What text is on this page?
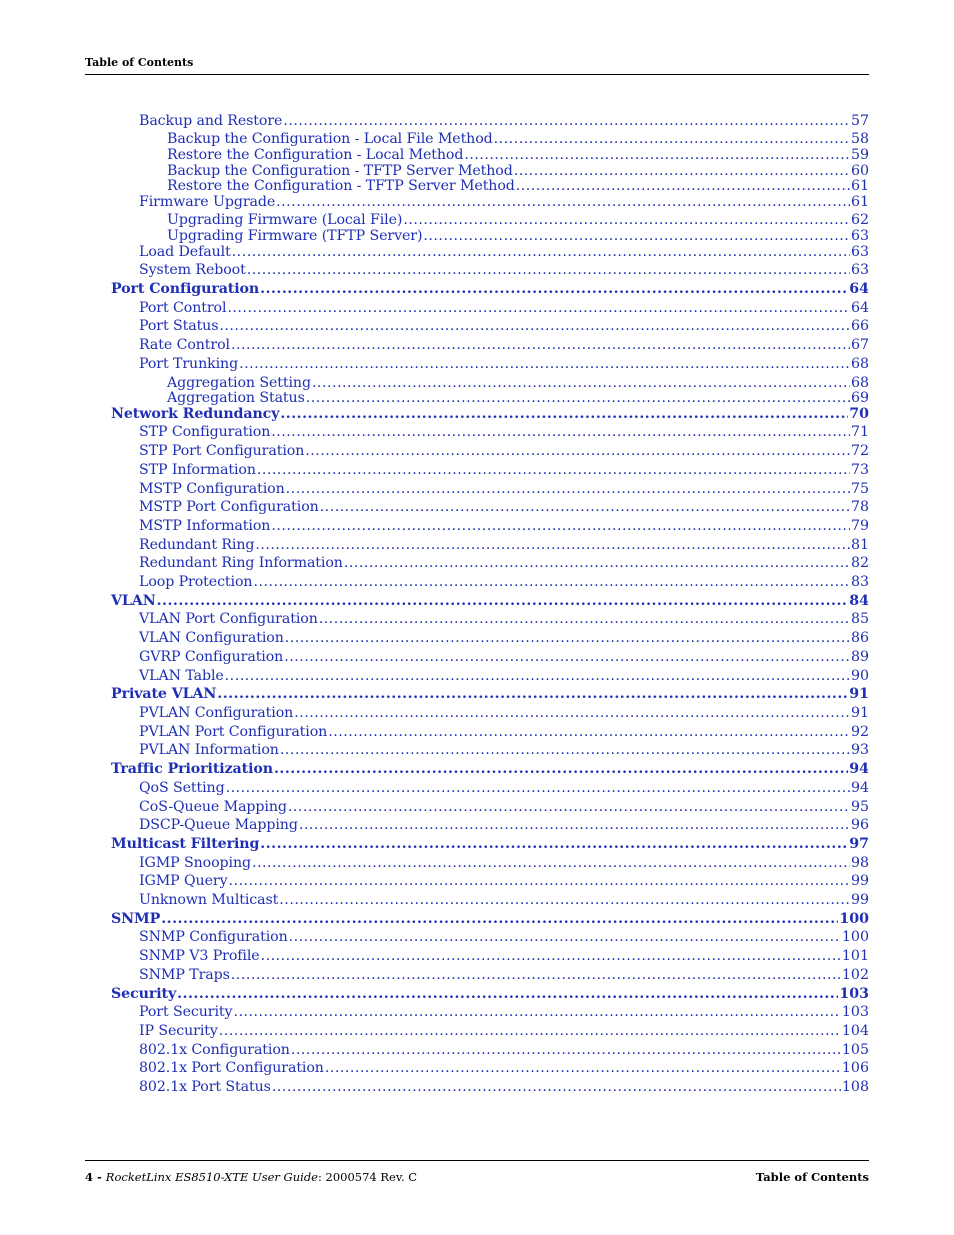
Table of Contents
Backup and Restore .....	57
Backup the Configuration - Local File Method .....	58
Restore the Configuration - Local Method .....	59
Backup the Configuration - TFTP Server Method .....	60
Restore the Configuration - TFTP Server Method .....	61
Firmware Upgrade .....	61
Upgrading Firmware (Local File) .....	62
Upgrading Firmware (TFTP Server) .....	63
Load Default .....	63
System Reboot .....	63
Port Configuration .....	64
Port Control .....	64
Port Status .....	66
Rate Control .....	67
Port Trunking .....	68
Aggregation Setting .....	68
Aggregation Status .....	69
Network Redundancy .....	70
STP Configuration .....	71
STP Port Configuration .....	72
STP Information .....	73
MSTP Configuration .....	75
MSTP Port Configuration .....	78
MSTP Information .....	79
Redundant Ring .....	81
Redundant Ring Information .....	82
Loop Protection .....	83
VLAN .....	84
VLAN Port Configuration .....	85
VLAN Configuration .....	86
GVRP Configuration .....	89
VLAN Table .....	90
Private VLAN .....	91
PVLAN Configuration .....	91
PVLAN Port Configuration .....	92
PVLAN Information .....	93
Traffic Prioritization .....	94
QoS Setting .....	94
CoS-Queue Mapping .....	95
DSCP-Queue Mapping .....	96
Multicast Filtering .....	97
IGMP Snooping .....	98
IGMP Query .....	99
Unknown Multicast .....	99
SNMP .....	100
SNMP Configuration .....	100
SNMP V3 Profile .....	101
SNMP Traps .....	102
Security .....	103
Port Security .....	103
IP Security .....	104
802.1x Configuration .....	105
802.1x Port Configuration .....	106
802.1x Port Status .....	108
4 - RocketLinx ES8510-XTE User Guide: 2000574 Rev. C	Table of Contents
